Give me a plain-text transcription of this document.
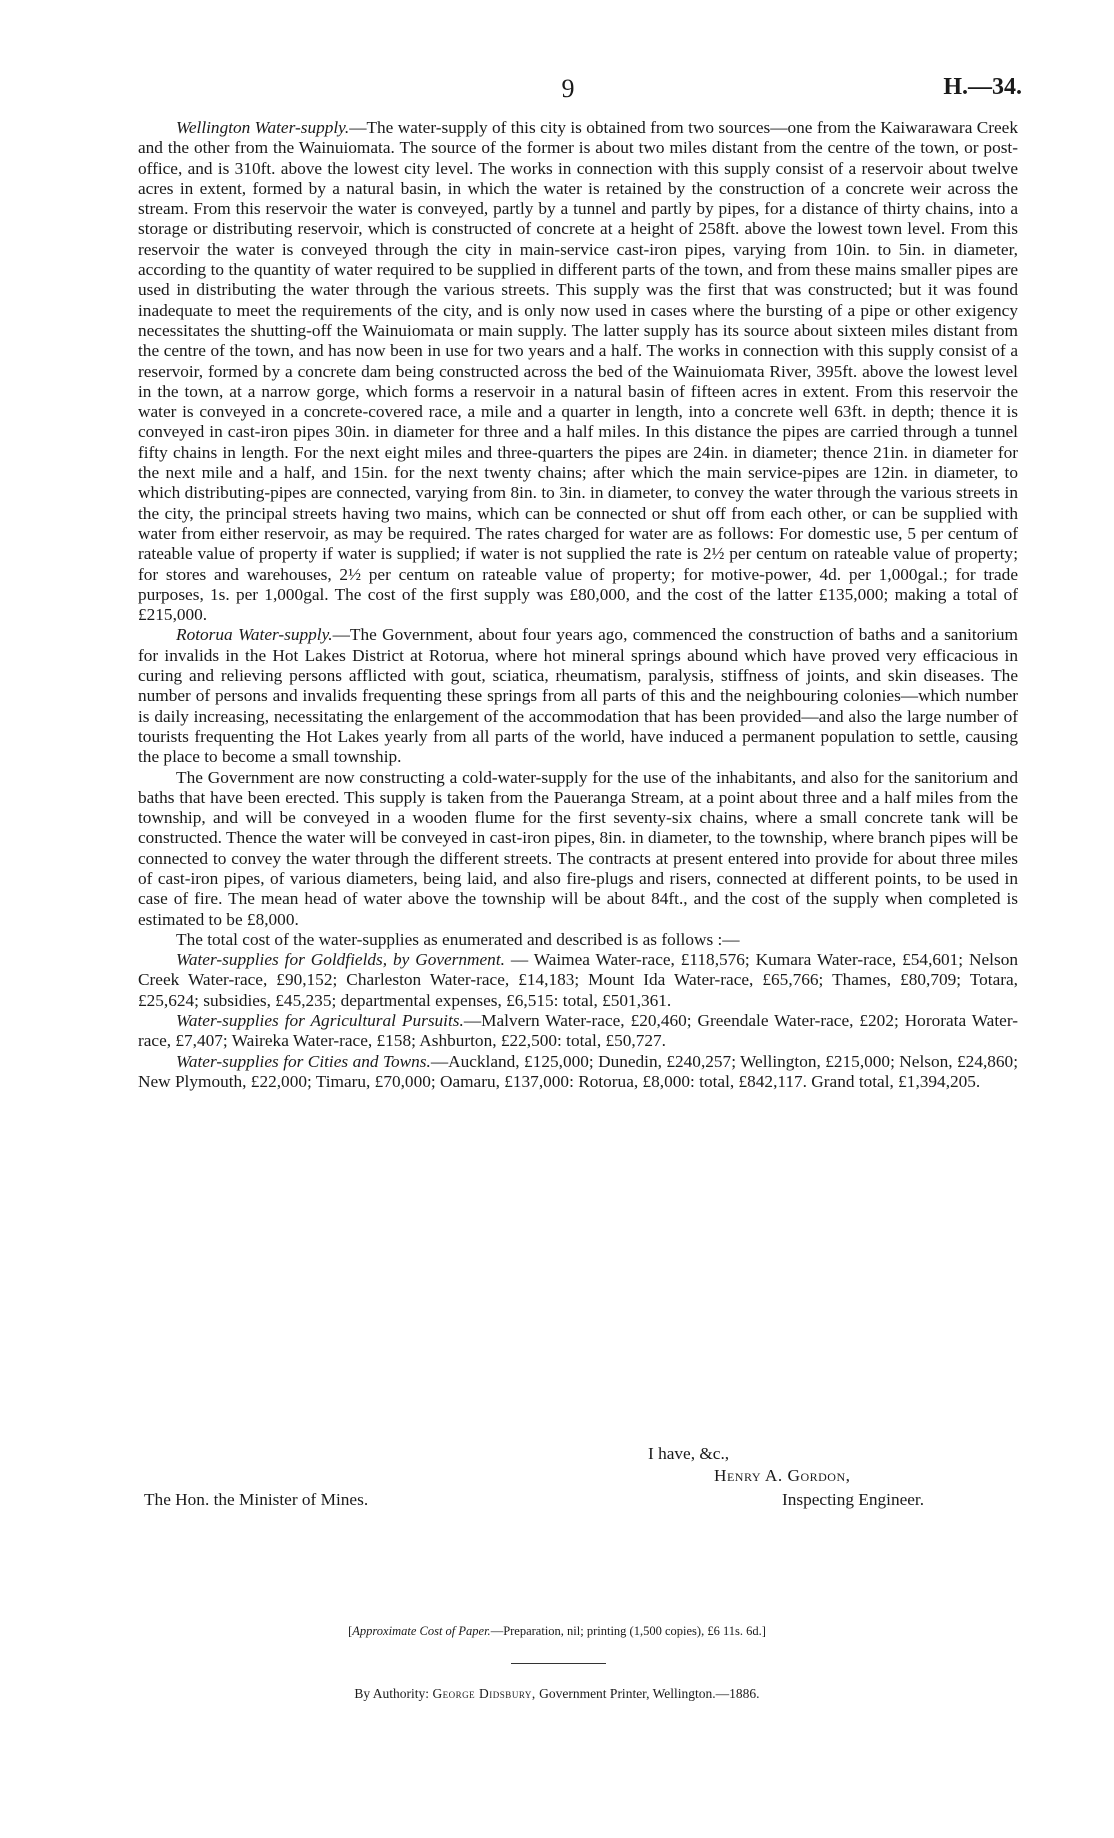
9	H.—34.

Wellington Water-supply.—The water-supply of this city is obtained from two sources—one from the Kaiwarawara Creek and the other from the Wainuiomata. The source of the former is about two miles distant from the centre of the town, or post-office, and is 310ft. above the lowest city level. The works in connection with this supply consist of a reservoir about twelve acres in extent, formed by a natural basin, in which the water is retained by the construction of a concrete weir across the stream. From this reservoir the water is conveyed, partly by a tunnel and partly by pipes, for a distance of thirty chains, into a storage or distributing reservoir, which is constructed of concrete at a height of 258ft. above the lowest town level. From this reservoir the water is conveyed through the city in main-service cast-iron pipes, varying from 10in. to 5in. in diameter, according to the quantity of water required to be supplied in different parts of the town, and from these mains smaller pipes are used in distributing the water through the various streets. This supply was the first that was constructed; but it was found inadequate to meet the requirements of the city, and is only now used in cases where the bursting of a pipe or other exigency necessitates the shutting-off the Wainuiomata or main supply. The latter supply has its source about sixteen miles distant from the centre of the town, and has now been in use for two years and a half. The works in connection with this supply consist of a reservoir, formed by a concrete dam being constructed across the bed of the Wainuiomata River, 395ft. above the lowest level in the town, at a narrow gorge, which forms a reservoir in a natural basin of fifteen acres in extent. From this reservoir the water is conveyed in a concrete-covered race, a mile and a quarter in length, into a concrete well 63ft. in depth; thence it is conveyed in cast-iron pipes 30in. in diameter for three and a half miles. In this distance the pipes are carried through a tunnel fifty chains in length. For the next eight miles and three-quarters the pipes are 24in. in diameter; thence 21in. in diameter for the next mile and a half, and 15in. for the next twenty chains; after which the main service-pipes are 12in. in diameter, to which distributing-pipes are connected, varying from 8in. to 3in. in diameter, to convey the water through the various streets in the city, the principal streets having two mains, which can be connected or shut off from each other, or can be supplied with water from either reservoir, as may be required. The rates charged for water are as follows: For domestic use, 5 per centum of rateable value of property if water is supplied; if water is not supplied the rate is 2½ per centum on rateable value of property; for stores and warehouses, 2½ per centum on rateable value of property; for motive-power, 4d. per 1,000gal.; for trade purposes, 1s. per 1,000gal. The cost of the first supply was £80,000, and the cost of the latter £135,000; making a total of £215,000.

Rotorua Water-supply.—The Government, about four years ago, commenced the construction of baths and a sanitorium for invalids in the Hot Lakes District at Rotorua, where hot mineral springs abound which have proved very efficacious in curing and relieving persons afflicted with gout, sciatica, rheumatism, paralysis, stiffness of joints, and skin diseases. The number of persons and invalids frequenting these springs from all parts of this and the neighbouring colonies—which number is daily increasing, necessitating the enlargement of the accommodation that has been provided—and also the large number of tourists frequenting the Hot Lakes yearly from all parts of the world, have induced a permanent population to settle, causing the place to become a small township.

The Government are now constructing a cold-water-supply for the use of the inhabitants, and also for the sanitorium and baths that have been erected. This supply is taken from the Paueranga Stream, at a point about three and a half miles from the township, and will be conveyed in a wooden flume for the first seventy-six chains, where a small concrete tank will be constructed. Thence the water will be conveyed in cast-iron pipes, 8in. in diameter, to the township, where branch pipes will be connected to convey the water through the different streets. The contracts at present entered into provide for about three miles of cast-iron pipes, of various diameters, being laid, and also fire-plugs and risers, connected at different points, to be used in case of fire. The mean head of water above the township will be about 84ft., and the cost of the supply when completed is estimated to be £8,000.

The total cost of the water-supplies as enumerated and described is as follows :—

Water-supplies for Goldfields, by Government. — Waimea Water-race, £118,576; Kumara Water-race, £54,601; Nelson Creek Water-race, £90,152; Charleston Water-race, £14,183; Mount Ida Water-race, £65,766; Thames, £80,709; Totara, £25,624; subsidies, £45,235; departmental expenses, £6,515: total, £501,361.

Water-supplies for Agricultural Pursuits.—Malvern Water-race, £20,460; Greendale Water-race, £202; Hororata Water-race, £7,407; Waireka Water-race, £158; Ashburton, £22,500: total, £50,727.

Water-supplies for Cities and Towns.—Auckland, £125,000; Dunedin, £240,257; Wellington, £215,000; Nelson, £24,860; New Plymouth, £22,000; Timaru, £70,000; Oamaru, £137,000: Rotorua, £8,000: total, £842,117. Grand total, £1,394,205.

I have, &c.,
Henry A. Gordon,
The Hon. the Minister of Mines.	Inspecting Engineer.
[Approximate Cost of Paper.—Preparation, nil; printing (1,500 copies), £6 11s. 6d.]
By Authority: George Didsbury, Government Printer, Wellington.—1886.
